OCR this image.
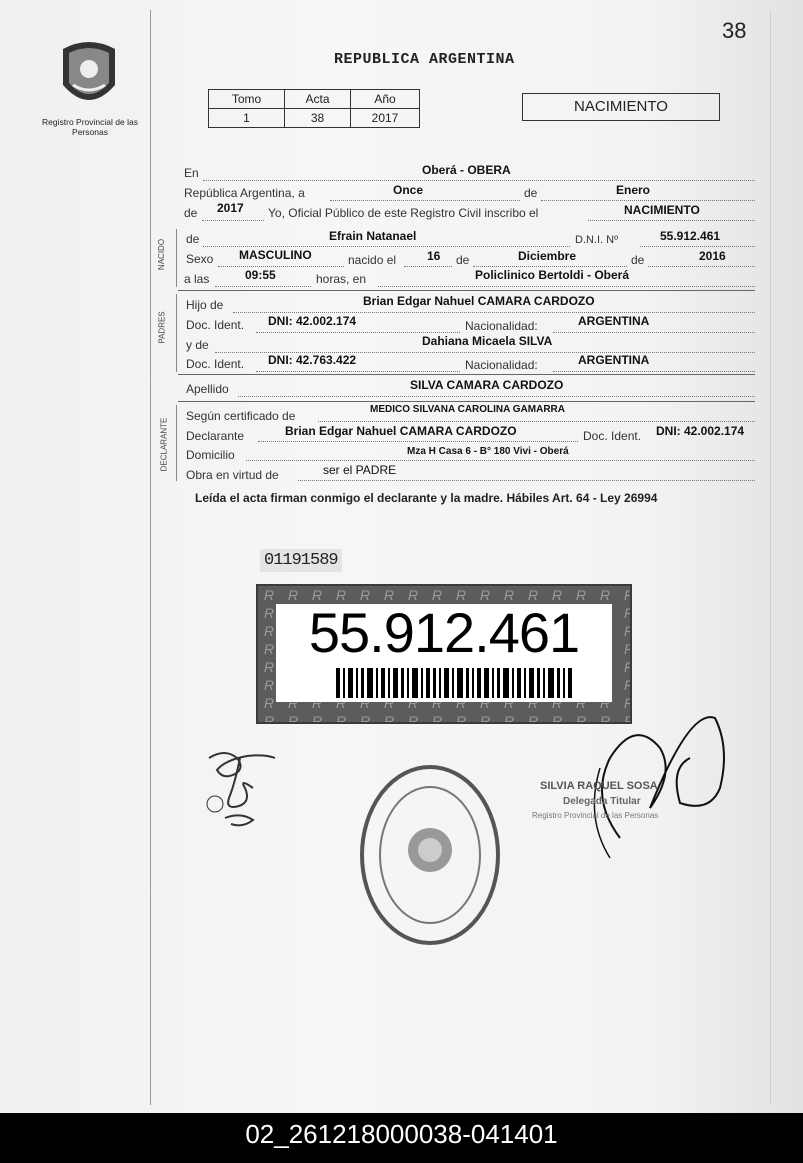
38
Registro Provincial de las Personas
REPUBLICA ARGENTINA
Tomo	Acta	Año
1	38	2017
NACIMIENTO
En	Oberá - OBERA
República Argentina, a	Once	de	Enero
de 2017 Yo, Oficial Público de este Registro Civil inscribo el	NACIMIENTO
NACIDO de	Efrain Natanael	D.N.I. Nº	55.912.461
Sexo MASCULINO	nacido el	16 de	Diciembre	de	2016
a las	09:55	horas, en	Policlinico Bertoldi - Oberá
PADRES
Hijo de	Brian Edgar Nahuel CAMARA CARDOZO
Doc. Ident. DNI: 42.002.174	Nacionalidad:	ARGENTINA
y de	Dahiana Micaela SILVA
Doc. Ident. DNI: 42.763.422	Nacionalidad:	ARGENTINA
Apellido	SILVA CAMARA CARDOZO
DECLARANTE
Según certificado de	MEDICO SILVANA CAROLINA GAMARRA
Declarante	Brian Edgar Nahuel CAMARA CARDOZO	Doc. Ident. DNI: 42.002.174
Domicilio	Mza H Casa 6 - B° 180 Vivi - Oberá
Obra en virtud de	ser el PADRE
Leída el acta firman conmigo el declarante y la madre. Hábiles Art. 64 - Ley 26994
01191589
55.912.461
SILVIA RAQUEL SOSA
Delegada Titular
Registro Provincial de las Personas
02_261218000038-041401
